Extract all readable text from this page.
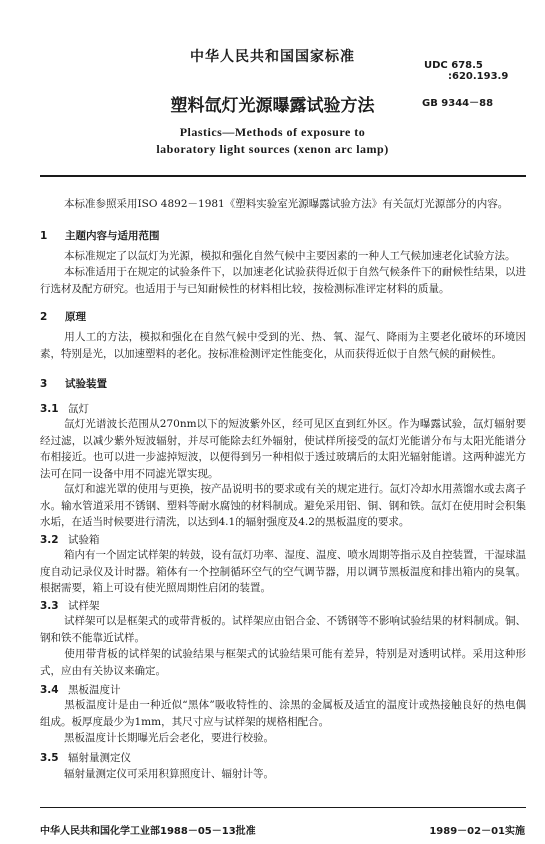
中华人民共和国国家标准
UDC 678.5
:620.193.9
塑料氙灯光源曝露试验方法	GB 9344－88
Plastics—Methods of exposure to
laboratory light sources (xenon arc lamp)
本标准参照采用ISO 4892－1981《塑料实验室光源曝露试验方法》有关氙灯光源部分的内容。
1 主题内容与适用范围
本标准规定了以氙灯为光源，模拟和强化自然气候中主要因素的一种人工气候加速老化试验方法。
本标准适用于在规定的试验条件下，以加速老化试验获得近似于自然气候条件下的耐候性结果，以进行选材及配方研究。也适用于与已知耐候性的材料相比较，按检测标准评定材料的质量。
2 原理
用人工的方法，模拟和强化在自然气候中受到的光、热、氧、湿气、降雨为主要老化破坏的环境因素，特别是光，以加速塑料的老化。按标准检测评定性能变化，从而获得近似于自然气候的耐候性。
3 试验装置
3.1 氙灯
氙灯光谱波长范围从270nm以下的短波紫外区，经可见区直到红外区。作为曝露试验，氙灯辐射要经过滤，以减少紫外短波辐射，并尽可能除去红外辐射，使试样所接受的氙灯光能谱分布与太阳光能谱分布相接近。也可以进一步滤掉短波，以便得到另一种相似于透过玻璃后的太阳光辐射能谱。这两种滤光方法可在同一设备中用不同滤光罩实现。
氙灯和滤光罩的使用与更换，按产品说明书的要求或有关的规定进行。氙灯冷却水用蒸馏水或去离子水。输水管道采用不锈钢、塑料等耐水腐蚀的材料制成。避免采用铝、铜、钢和铁。氙灯在使用时会积集水垢，在适当时候要进行清洗，以达到4.1的辐射强度及4.2的黑板温度的要求。
3.2 试验箱
箱内有一个固定试样架的转鼓，设有氙灯功率、湿度、温度、喷水周期等指示及自控装置，干湿球温度自动记录仪及计时器。箱体有一个控制循环空气的空气调节器，用以调节黑板温度和排出箱内的臭氧。根据需要，箱上可设有使光照周期性启闭的装置。
3.3 试样架
试样架可以是框架式的或带背板的。试样架应由铝合金、不锈钢等不影响试验结果的材料制成。铜、钢和铁不能靠近试样。
使用带背板的试样架的试验结果与框架式的试验结果可能有差异，特别是对透明试样。采用这种形式，应由有关协议来确定。
3.4 黑板温度计
黑板温度计是由一种近似“黑体”吸收特性的、涂黑的金属板及适宜的温度计或热接触良好的热电偶组成。板厚度最少为1mm，其尺寸应与试样架的规格相配合。
黑板温度计长期曝光后会老化，要进行校验。
3.5 辐射量测定仪
辐射量测定仪可采用积算照度计、辐射计等。
中华人民共和国化学工业部1988－05－13批准	1989－02－01实施
